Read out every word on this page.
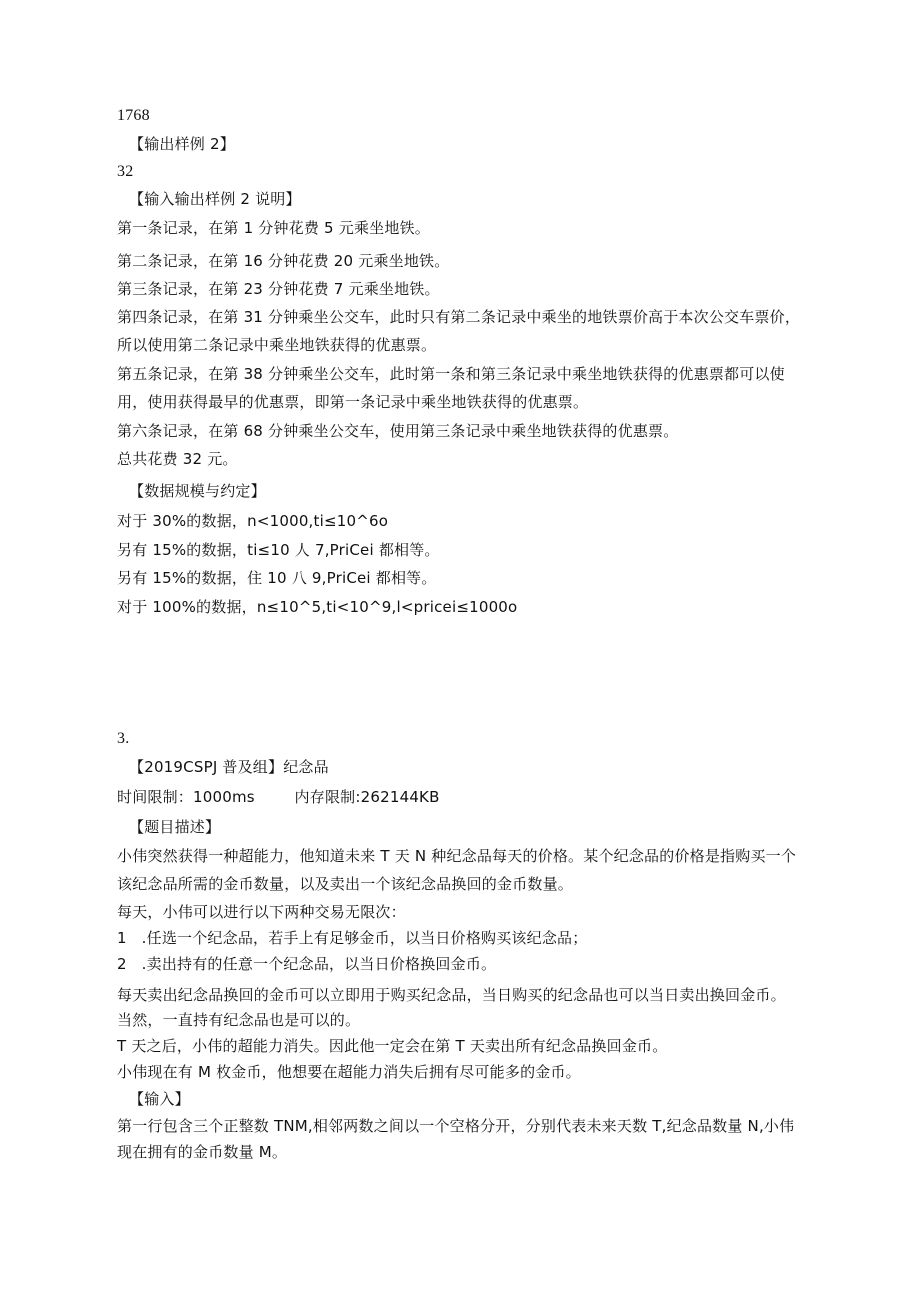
1768
【输出样例 2】
32
【输入输出样例 2 说明】
第一条记录，在第 1 分钟花费 5 元乘坐地铁。
第二条记录，在第 16 分钟花费 20 元乘坐地铁。
第三条记录，在第 23 分钟花费 7 元乘坐地铁。
第四条记录，在第 31 分钟乘坐公交车，此时只有第二条记录中乘坐的地铁票价高于本次公交车票价，
所以使用第二条记录中乘坐地铁获得的优惠票。
第五条记录，在第 38 分钟乘坐公交车，此时第一条和第三条记录中乘坐地铁获得的优惠票都可以使
用，使用获得最早的优惠票，即第一条记录中乘坐地铁获得的优惠票。
第六条记录，在第 68 分钟乘坐公交车，使用第三条记录中乘坐地铁获得的优惠票。
总共花费 32 元。
【数据规模与约定】
对于 30%的数据，n<1000,ti≤10^6o
另有 15%的数据，ti≤10 人 7,PriCei 都相等。
另有 15%的数据，住 10 八 9,PriCei 都相等。
对于 100%的数据，n≤10^5,ti<10^9,l<pricei≤1000o
3.
【2019CSPJ 普及组】纪念品
时间限制：1000ms        内存限制:262144KB
【题目描述】
小伟突然获得一种超能力，他知道未来 T 天 N 种纪念品每天的价格。某个纪念品的价格是指购买一个
该纪念品所需的金币数量，以及卖出一个该纪念品换回的金币数量。
每天，小伟可以进行以下两种交易无限次：
1   .任选一个纪念品，若手上有足够金币，以当日价格购买该纪念品；
2   .卖出持有的任意一个纪念品，以当日价格换回金币。
每天卖出纪念品换回的金币可以立即用于购买纪念品，当日购买的纪念品也可以当日卖出换回金币。
当然，一直持有纪念品也是可以的。
T 天之后，小伟的超能力消失。因此他一定会在第 T 天卖出所有纪念品换回金币。
小伟现在有 M 枚金币，他想要在超能力消失后拥有尽可能多的金币。
【输入】
第一行包含三个正整数 TNM,相邻两数之间以一个空格分开，分别代表未来天数 T,纪念品数量 N,小伟
现在拥有的金币数量 M。
